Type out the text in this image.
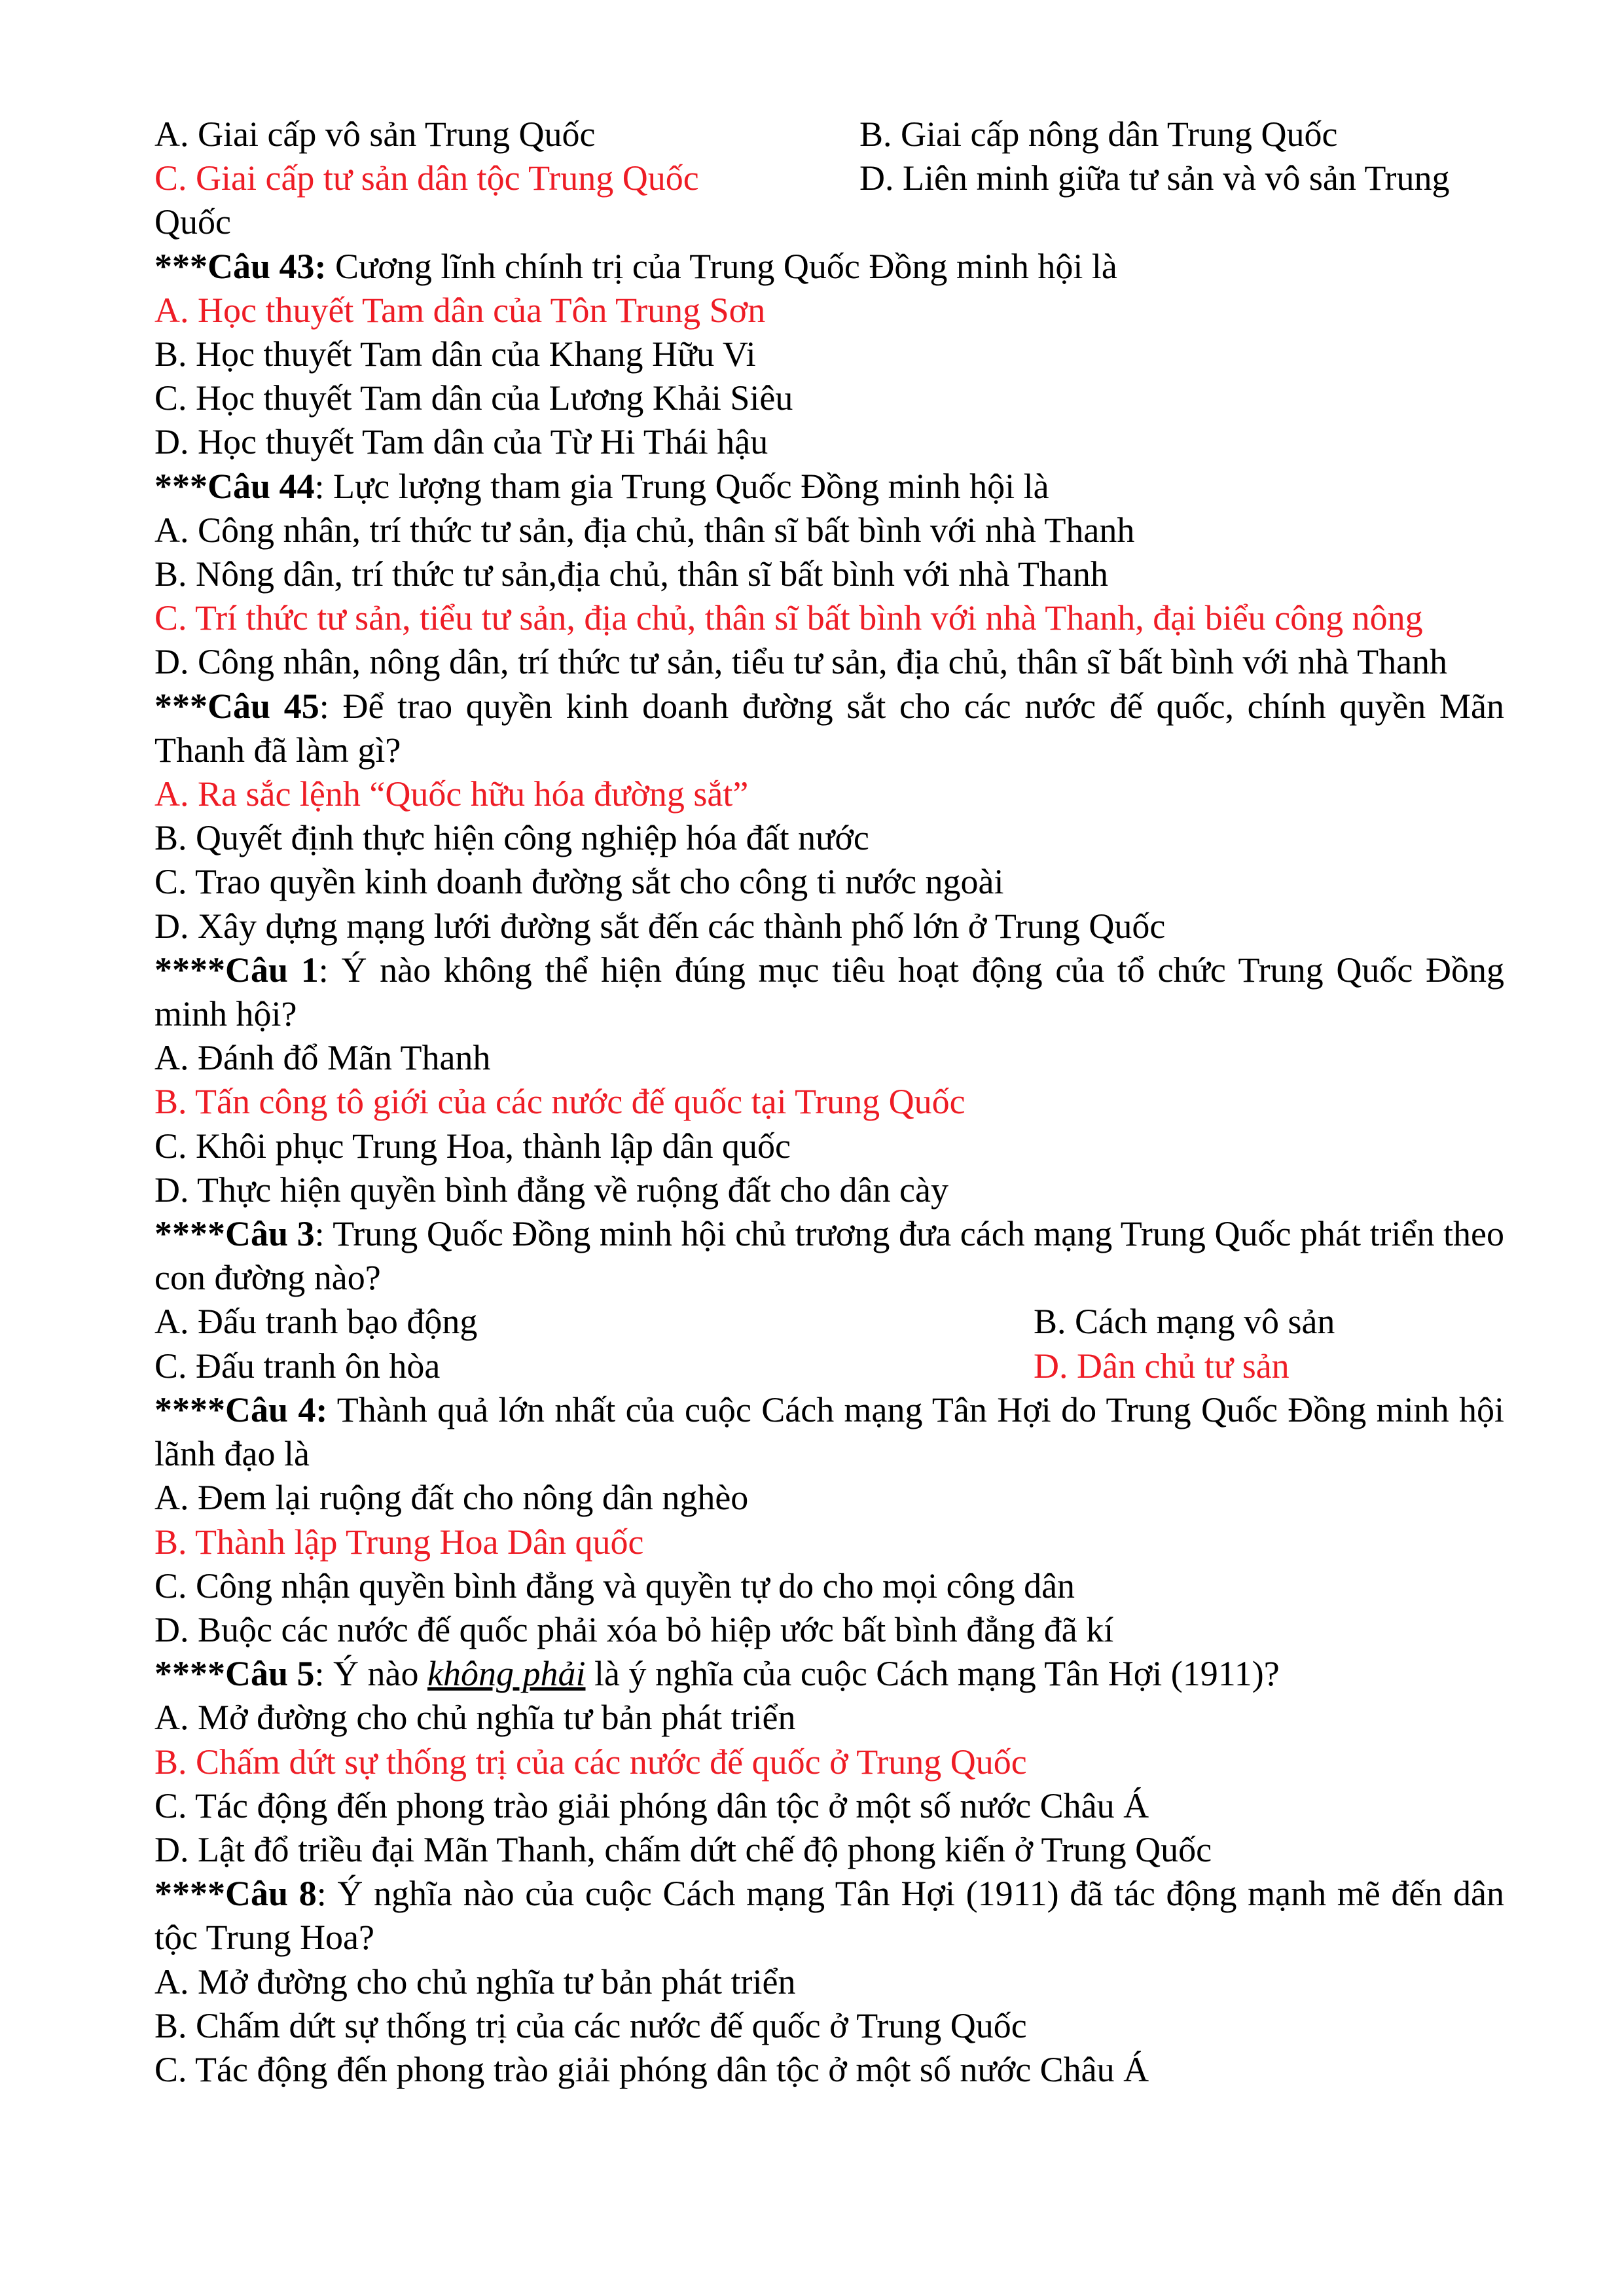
A. Giai cấp vô sản Trung Quốc	B. Giai cấp nông dân Trung Quốc
C. Giai cấp tư sản dân tộc Trung Quốc	D. Liên minh giữa tư sản và vô sản Trung

Quốc

***Câu 43: Cương lĩnh chính trị của Trung Quốc Đồng minh hội là

A. Học thuyết Tam dân của Tôn Trung Sơn

B. Học thuyết Tam dân của Khang Hữu Vi

C. Học thuyết Tam dân của Lương Khải Siêu

D. Học thuyết Tam dân của Từ Hi Thái hậu

***Câu 44: Lực lượng tham gia Trung Quốc Đồng minh hội là

A. Công nhân, trí thức tư sản, địa chủ, thân sĩ bất bình với nhà Thanh

B. Nông dân, trí thức tư sản,địa chủ, thân sĩ bất bình với nhà Thanh

C. Trí thức tư sản, tiểu tư sản, địa chủ, thân sĩ bất bình với nhà Thanh, đại biểu công nông

D. Công nhân, nông dân, trí thức tư sản, tiểu tư sản, địa chủ, thân sĩ bất bình với nhà Thanh

***Câu 45: Để trao quyền kinh doanh đường sắt cho các nước đế quốc, chính quyền Mãn Thanh đã làm gì?

A. Ra sắc lệnh “Quốc hữu hóa đường sắt”

B. Quyết định thực hiện công nghiệp hóa đất nước

C. Trao quyền kinh doanh đường sắt cho công ti nước ngoài

D. Xây dựng mạng lưới đường sắt đến các thành phố lớn ở Trung Quốc

****Câu 1: Ý nào không thể hiện đúng mục tiêu hoạt động của tổ chức Trung Quốc Đồng minh hội?

A. Đánh đổ Mãn Thanh

B. Tấn công tô giới của các nước đế quốc tại Trung Quốc

C. Khôi phục Trung Hoa, thành lập dân quốc

D. Thực hiện quyền bình đẳng về ruộng đất cho dân cày

****Câu 3: Trung Quốc Đồng minh hội chủ trương đưa cách mạng Trung Quốc phát triển theo con đường nào?

A. Đấu tranh bạo động	B. Cách mạng vô sản
C. Đấu tranh ôn hòa	D. Dân chủ tư sản

****Câu 4: Thành quả lớn nhất của cuộc Cách mạng Tân Hợi do Trung Quốc Đồng minh hội lãnh đạo là

A. Đem lại ruộng đất cho nông dân nghèo

B. Thành lập Trung Hoa Dân quốc

C. Công nhận quyền bình đẳng và quyền tự do cho mọi công dân

D. Buộc các nước đế quốc phải xóa bỏ hiệp ước bất bình đẳng đã kí

****Câu 5: Ý nào không phải là ý nghĩa của cuộc Cách mạng Tân Hợi (1911)?

A. Mở đường cho chủ nghĩa tư bản phát triển

B. Chấm dứt sự thống trị của các nước đế quốc ở Trung Quốc

C. Tác động đến phong trào giải phóng dân tộc ở một số nước Châu Á

D. Lật đổ triều đại Mãn Thanh, chấm dứt chế độ phong kiến ở Trung Quốc

****Câu 8: Ý nghĩa nào của cuộc Cách mạng Tân Hợi (1911) đã tác động mạnh mẽ đến dân tộc Trung Hoa?

A. Mở đường cho chủ nghĩa tư bản phát triển

B. Chấm dứt sự thống trị của các nước đế quốc ở Trung Quốc

C. Tác động đến phong trào giải phóng dân tộc ở một số nước Châu Á
